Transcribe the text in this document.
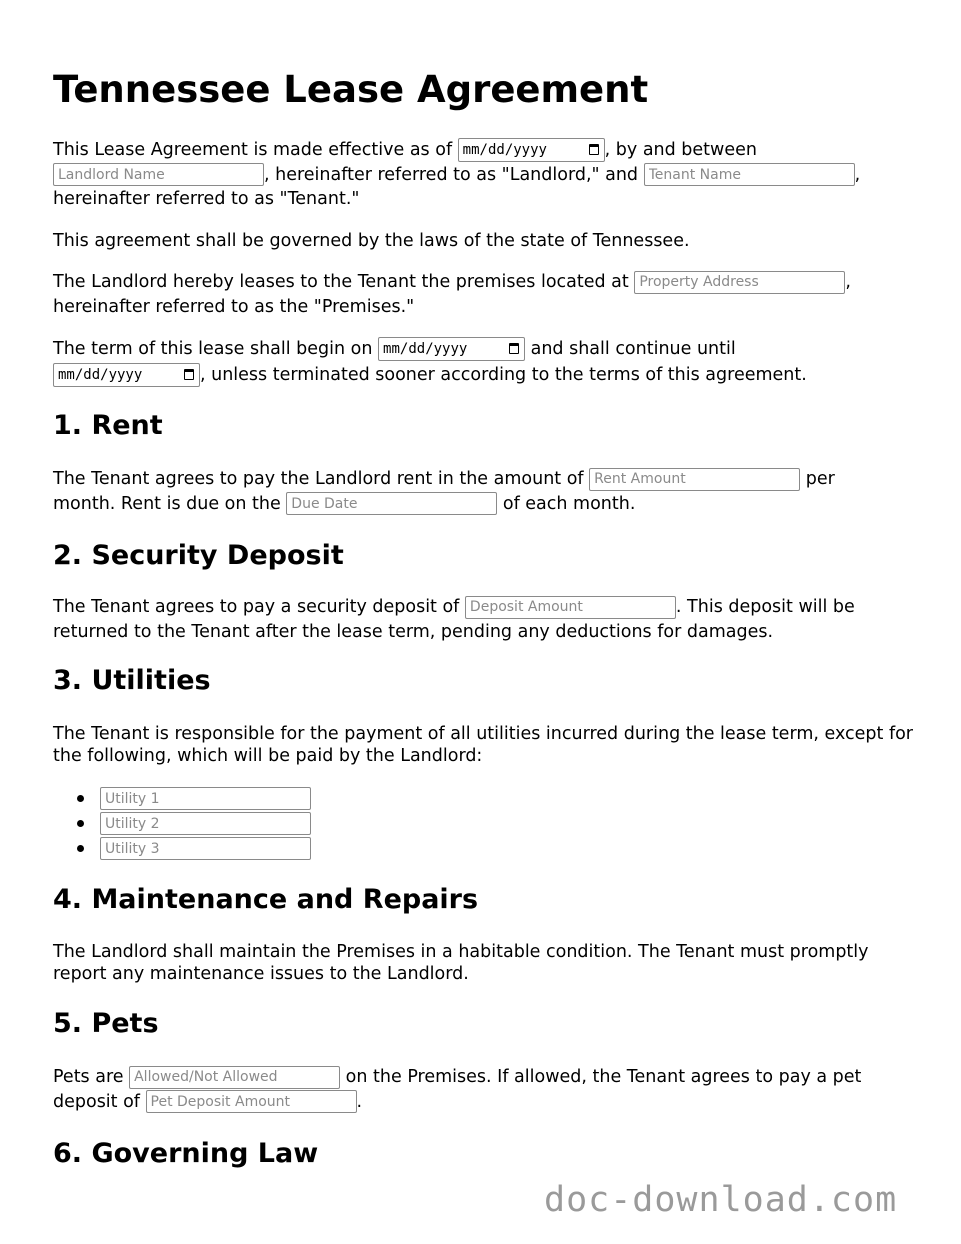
Tennessee Lease Agreement
This Lease Agreement is made effective as of mm/dd/yyyy	, by and between
Landlord Name, hereinafter referred to as "Landlord," and Tenant Name	,
hereinafter referred to as "Tenant."
This agreement shall be governed by the laws of the state of Tennessee.
The Landlord hereby leases to the Tenant the premises located at Property Address	,
hereinafter referred to as the "Premises."
The term of this lease shall begin on mm/dd/yyyy	and shall continue until
mm/dd/yyyy	, unless terminated sooner according to the terms of this agreement.
1. Rent
The Tenant agrees to pay the Landlord rent in the amount of Rent Amount	per
month. Rent is due on the Due Date	of each month.
2. Security Deposit
The Tenant agrees to pay a security deposit of Deposit Amount	. This deposit will be
returned to the Tenant after the lease term, pending any deductions for damages.
3. Utilities
The Tenant is responsible for the payment of all utilities incurred during the lease term, except for the following, which will be paid by the Landlord:
Utility 1
Utility 2
Utility 3
4. Maintenance and Repairs
The Landlord shall maintain the Premises in a habitable condition. The Tenant must promptly report any maintenance issues to the Landlord.
5. Pets
Pets are Allowed/Not Allowed	on the Premises. If allowed, the Tenant agrees to pay a pet
deposit of Pet Deposit Amount	.
6. Governing Law
doc-download.com
